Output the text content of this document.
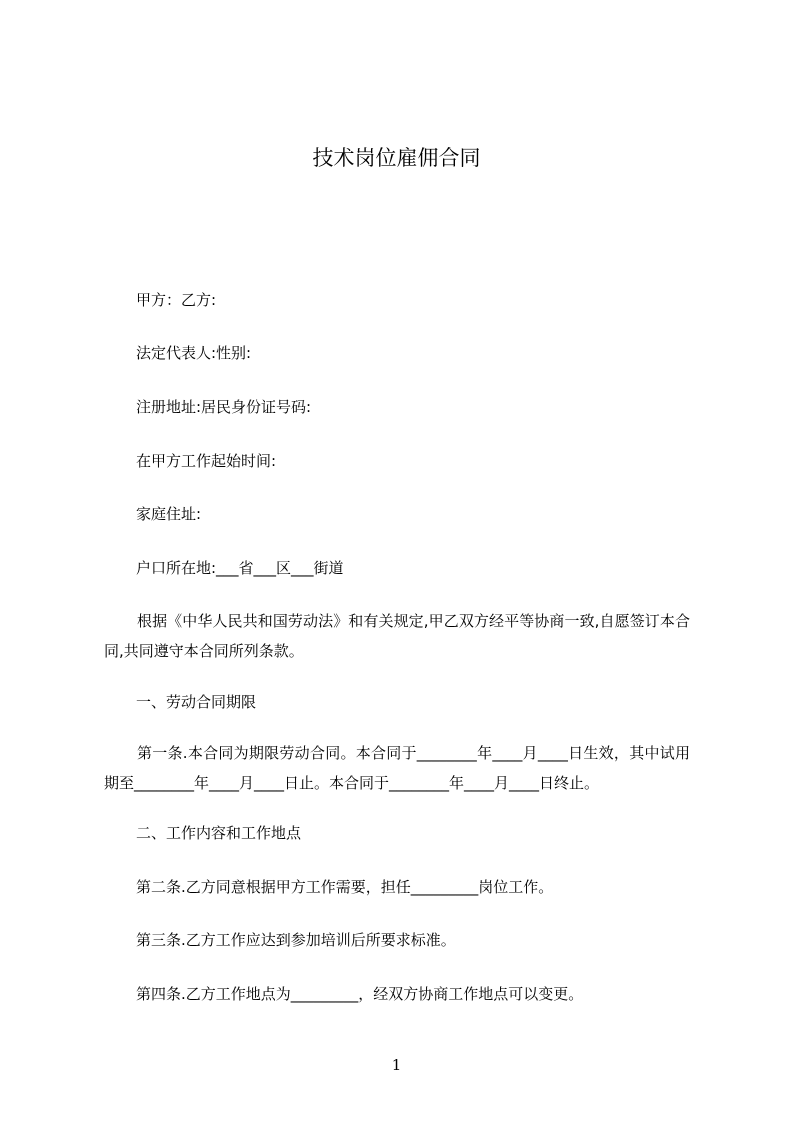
技术岗位雇佣合同
甲方：乙方:
法定代表人:性别:
注册地址:居民身份证号码:
在甲方工作起始时间:
家庭住址:
户口所在地:___省___区___街道
根据《中华人民共和国劳动法》和有关规定,甲乙双方经平等协商一致,自愿签订本合同,共同遵守本合同所列条款。
一、劳动合同期限
第一条.本合同为期限劳动合同。本合同于________年____月____日生效，其中试用期至________年____月____日止。本合同于________年____月____日终止。
二、工作内容和工作地点
第二条.乙方同意根据甲方工作需要，担任_________岗位工作。
第三条.乙方工作应达到参加培训后所要求标准。
第四条.乙方工作地点为_________，经双方协商工作地点可以变更。
1
